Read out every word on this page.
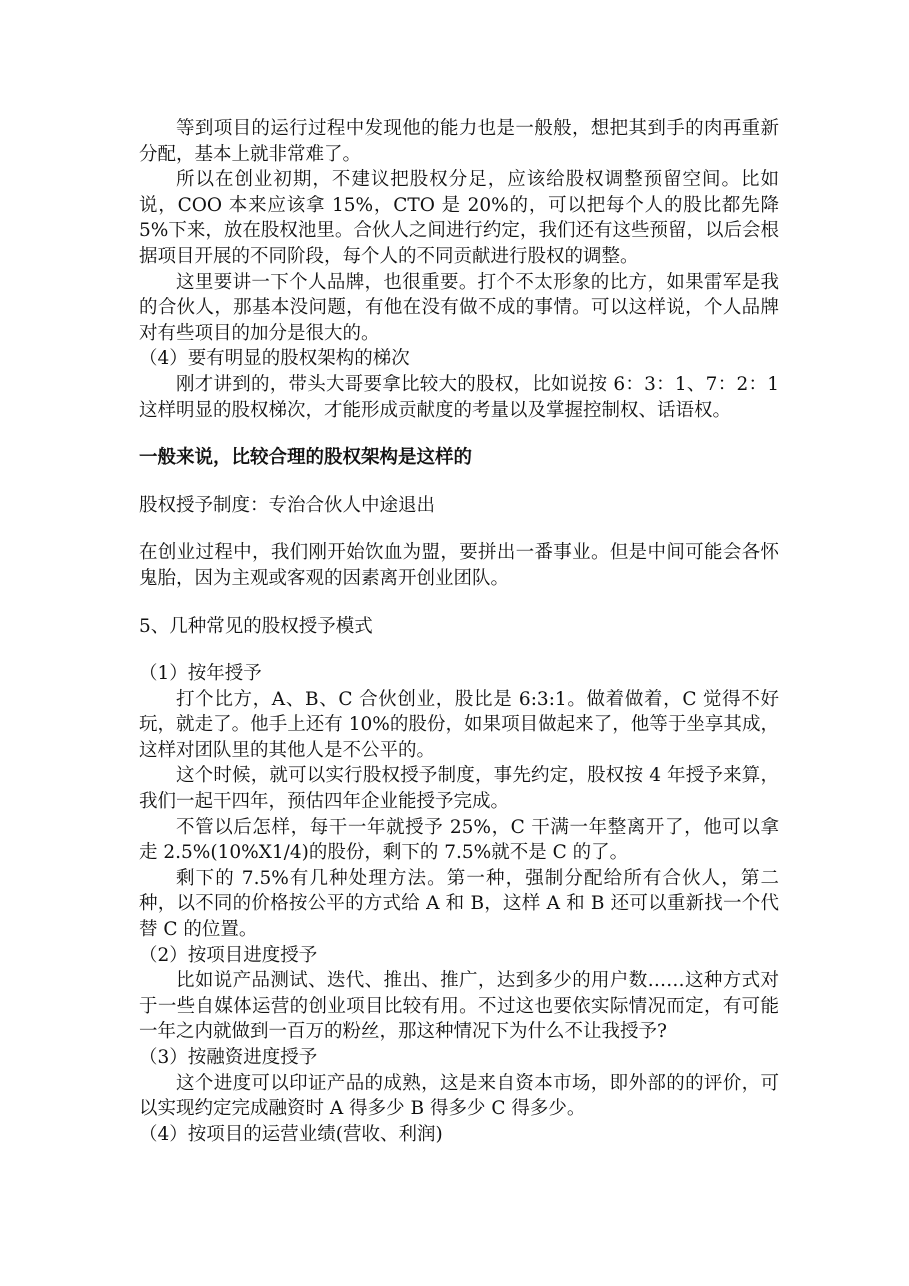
等到项目的运行过程中发现他的能力也是一般般，想把其到手的肉再重新分配，基本上就非常难了。

所以在创业初期，不建议把股权分足，应该给股权调整预留空间。比如说，COO 本来应该拿 15%，CTO 是 20%的，可以把每个人的股比都先降 5%下来，放在股权池里。合伙人之间进行约定，我们还有这些预留，以后会根据项目开展的不同阶段，每个人的不同贡献进行股权的调整。

这里要讲一下个人品牌，也很重要。打个不太形象的比方，如果雷军是我的合伙人，那基本没问题，有他在没有做不成的事情。可以这样说，个人品牌对有些项目的加分是很大的。

（4）要有明显的股权架构的梯次

刚才讲到的，带头大哥要拿比较大的股权，比如说按 6：3：1、7：2：1 这样明显的股权梯次，才能形成贡献度的考量以及掌握控制权、话语权。

一般来说，比较合理的股权架构是这样的

股权授予制度：专治合伙人中途退出

在创业过程中，我们刚开始饮血为盟，要拼出一番事业。但是中间可能会各怀鬼胎，因为主观或客观的因素离开创业团队。

5、几种常见的股权授予模式

（1）按年授予

打个比方，A、B、C 合伙创业，股比是 6:3:1。做着做着，C 觉得不好玩，就走了。他手上还有 10%的股份，如果项目做起来了，他等于坐享其成，这样对团队里的其他人是不公平的。

这个时候，就可以实行股权授予制度，事先约定，股权按 4 年授予来算，我们一起干四年，预估四年企业能授予完成。

不管以后怎样，每干一年就授予 25%，C 干满一年整离开了，他可以拿走 2.5%(10%X1/4)的股份，剩下的 7.5%就不是 C 的了。

剩下的 7.5%有几种处理方法。第一种，强制分配给所有合伙人，第二种，以不同的价格按公平的方式给 A 和 B，这样 A 和 B 还可以重新找一个代替 C 的位置。

（2）按项目进度授予

比如说产品测试、迭代、推出、推广，达到多少的用户数……这种方式对于一些自媒体运营的创业项目比较有用。不过这也要依实际情况而定，有可能一年之内就做到一百万的粉丝，那这种情况下为什么不让我授予?

（3）按融资进度授予

这个进度可以印证产品的成熟，这是来自资本市场，即外部的的评价，可以实现约定完成融资时 A 得多少 B 得多少 C 得多少。

（4）按项目的运营业绩(营收、利润)
